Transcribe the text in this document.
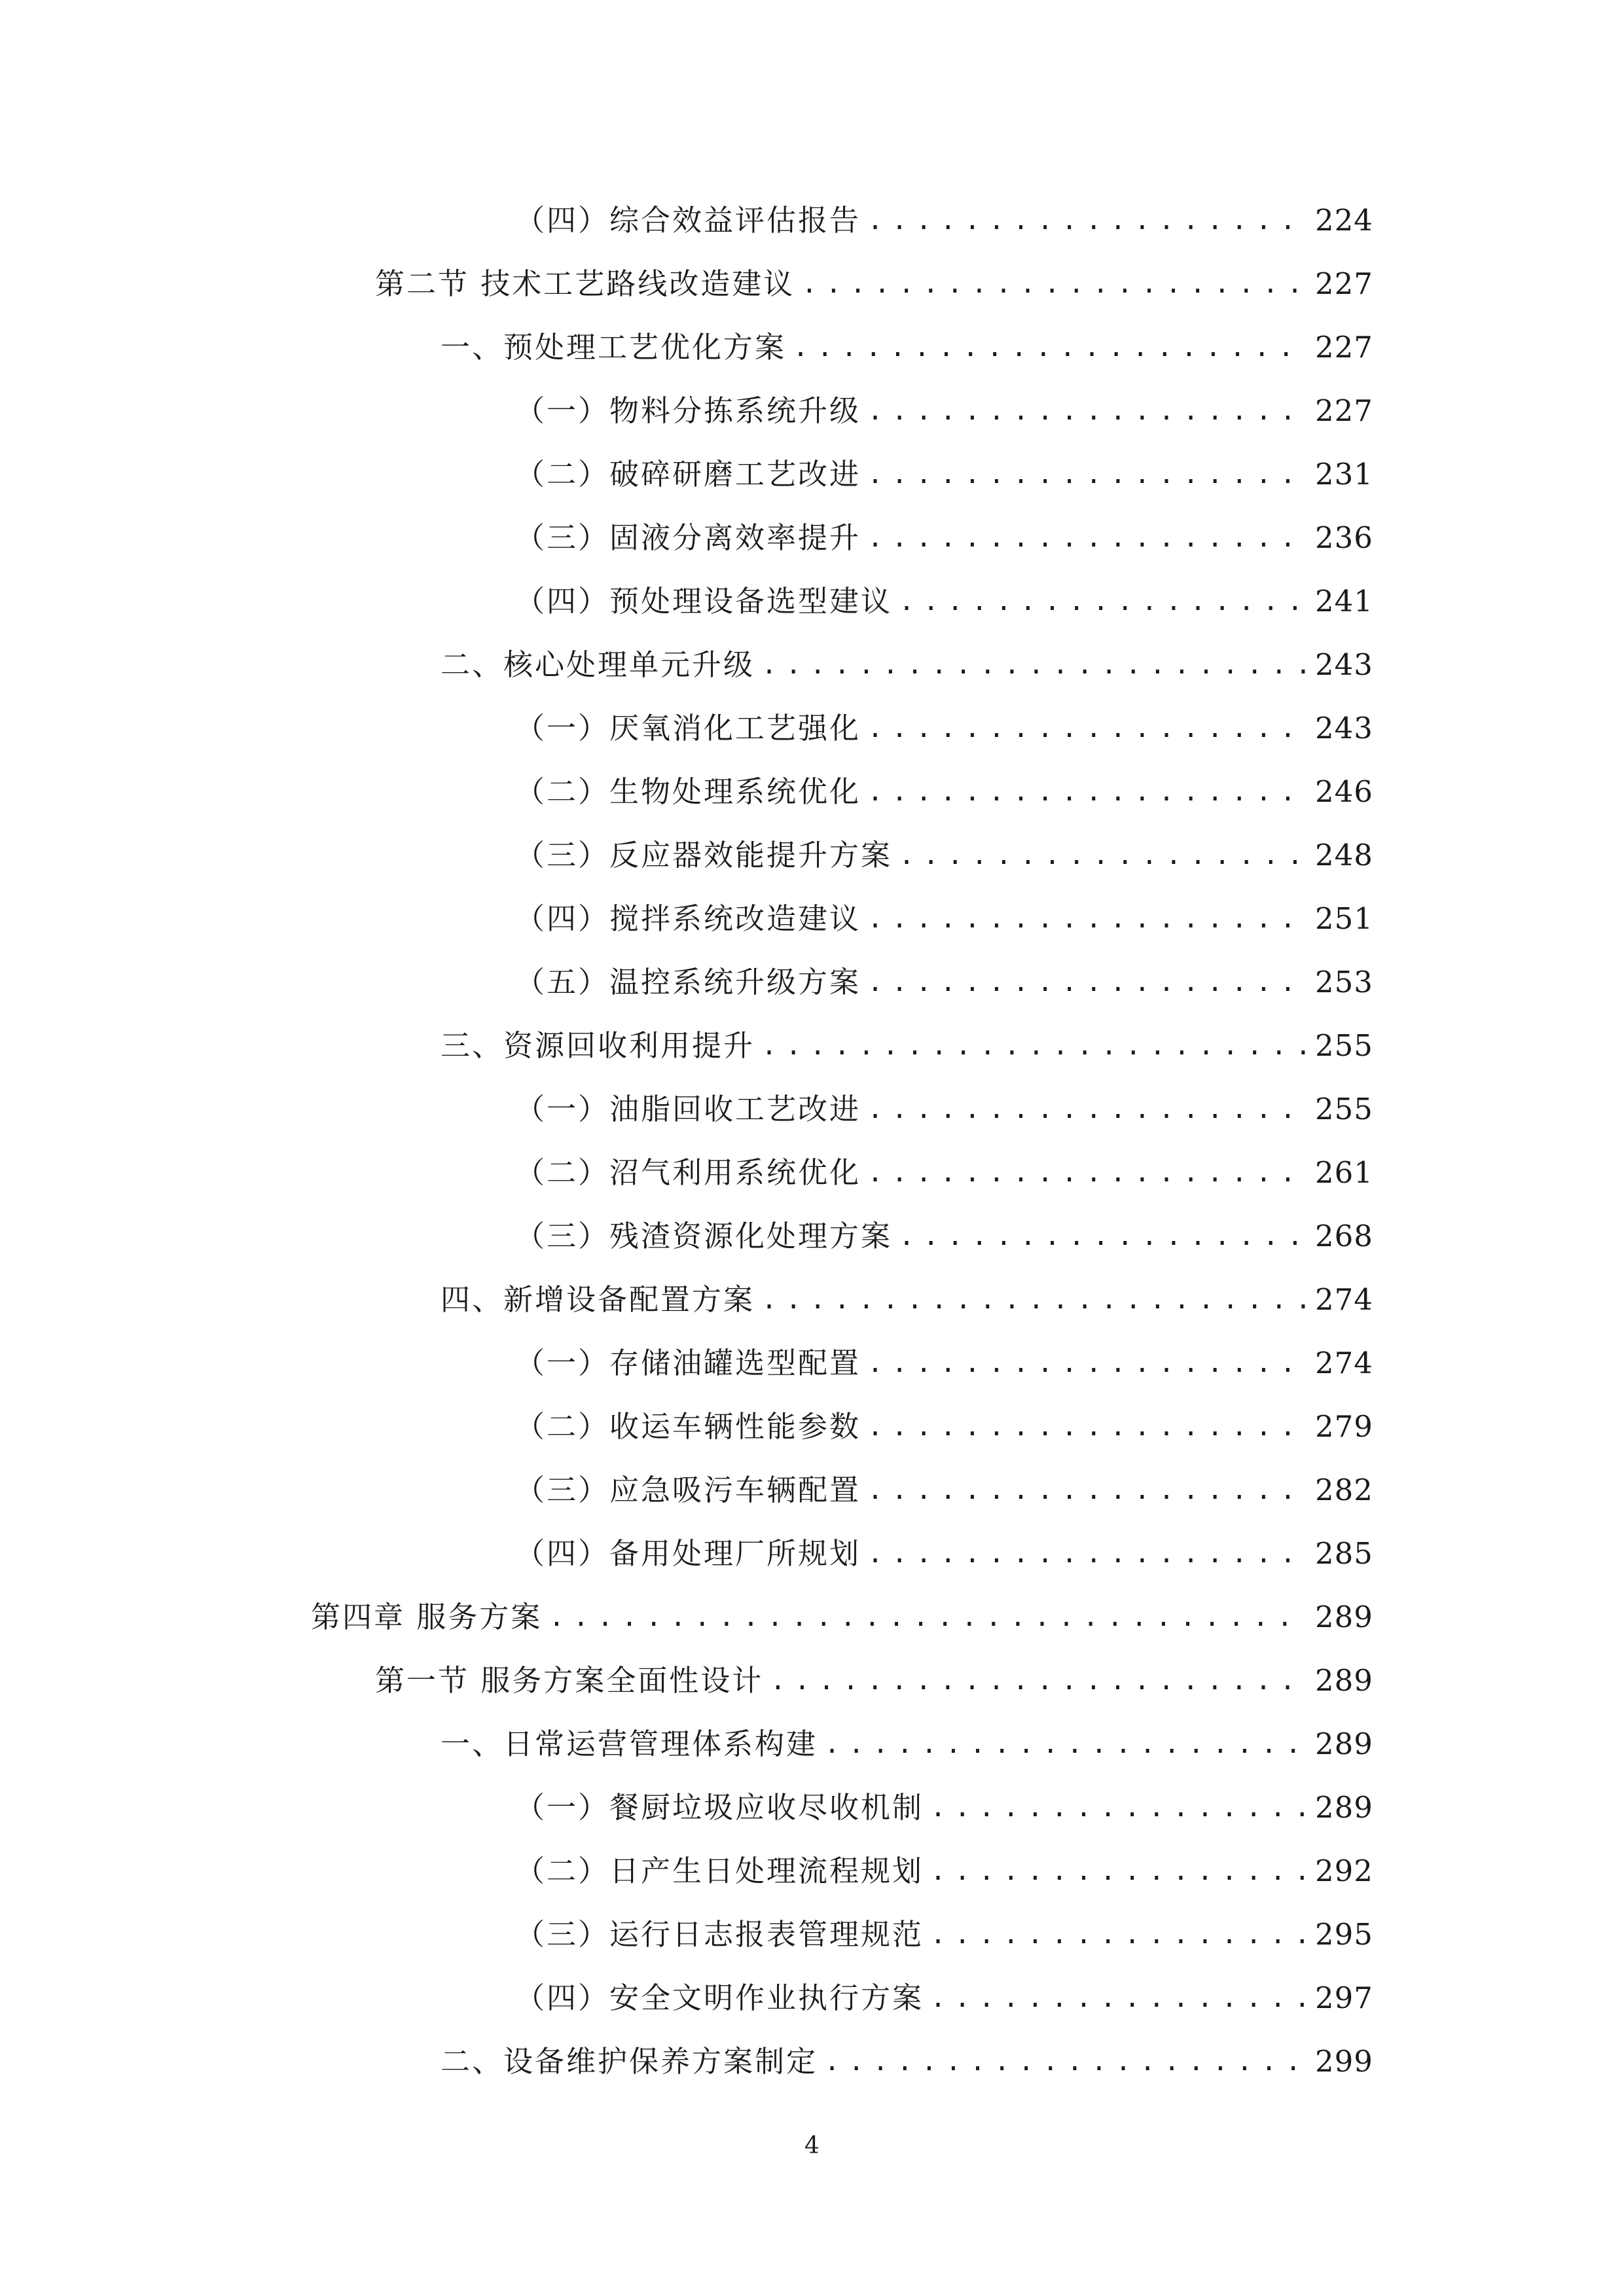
（四）综合效益评估报告 .....	224
第二节 技术工艺路线改造建议 .....	227
一、预处理工艺优化方案 .....	227
（一）物料分拣系统升级 .....	227
（二）破碎研磨工艺改进 .....	231
（三）固液分离效率提升 .....	236
（四）预处理设备选型建议 .....	241
二、核心处理单元升级 .....	243
（一）厌氧消化工艺强化 .....	243
（二）生物处理系统优化 .....	246
（三）反应器效能提升方案 .....	248
（四）搅拌系统改造建议 .....	251
（五）温控系统升级方案 .....	253
三、资源回收利用提升 .....	255
（一）油脂回收工艺改进 .....	255
（二）沼气利用系统优化 .....	261
（三）残渣资源化处理方案 .....	268
四、新增设备配置方案 .....	274
（一）存储油罐选型配置 .....	274
（二）收运车辆性能参数 .....	279
（三）应急吸污车辆配置 .....	282
（四）备用处理厂所规划 .....	285
第四章 服务方案 .....	289
第一节 服务方案全面性设计 .....	289
一、日常运营管理体系构建 .....	289
（一）餐厨垃圾应收尽收机制 .....	289
（二）日产生日处理流程规划 .....	292
（三）运行日志报表管理规范 .....	295
（四）安全文明作业执行方案 .....	297
二、设备维护保养方案制定 .....	299
4
